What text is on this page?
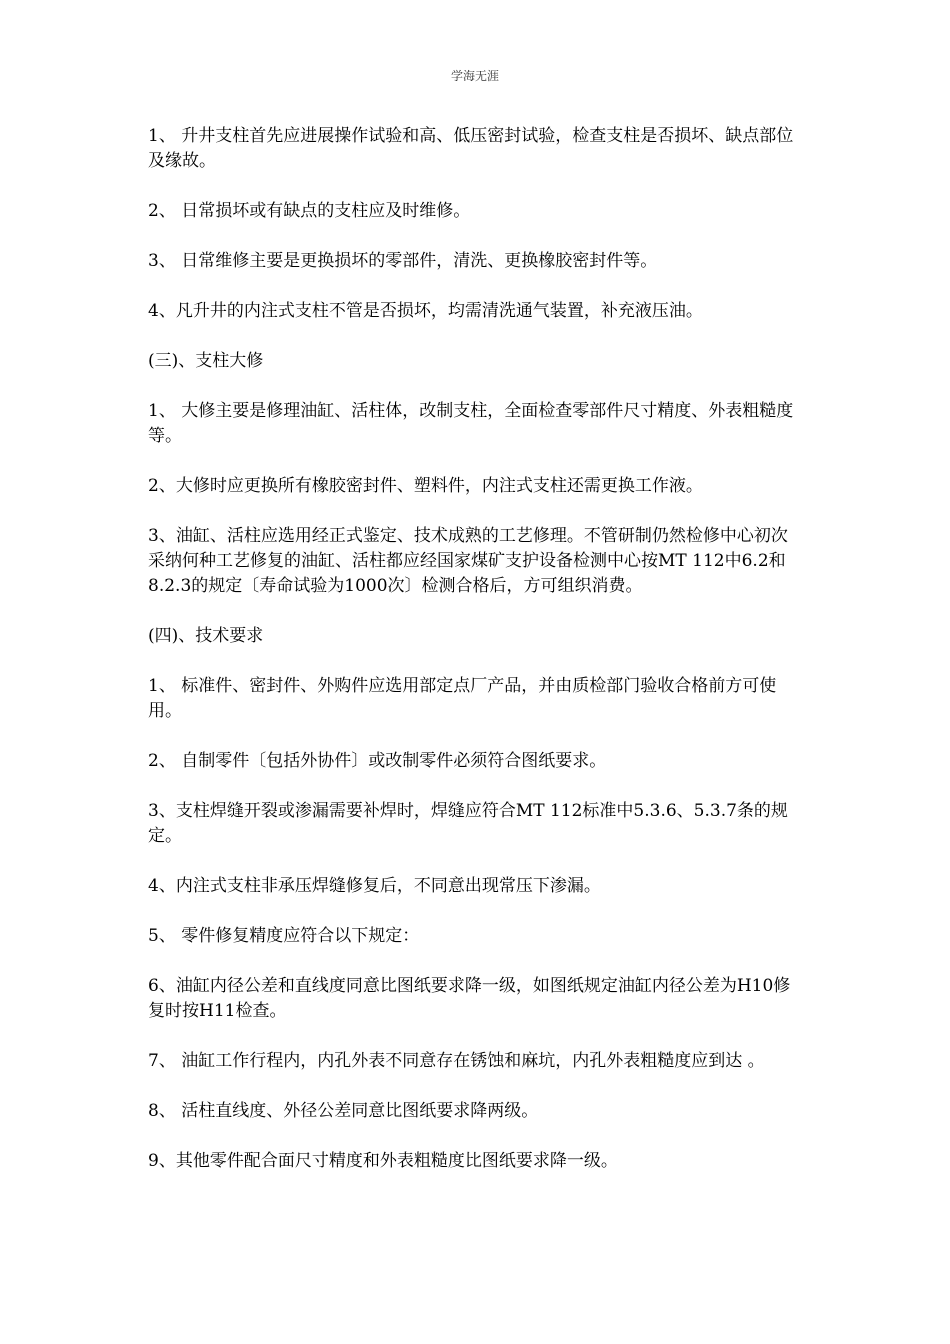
学海无涯

1、 升井支柱首先应进展操作试验和高、低压密封试验，检查支柱是否损坏、缺点部位及缘故。

2、 日常损坏或有缺点的支柱应及时维修。

3、 日常维修主要是更换损坏的零部件，清洗、更换橡胶密封件等。

4、凡升井的内注式支柱不管是否损坏，均需清洗通气装置，补充液压油。

(三)、支柱大修

1、 大修主要是修理油缸、活柱体，改制支柱，全面检查零部件尺寸精度、外表粗糙度等。

2、大修时应更换所有橡胶密封件、塑料件，内注式支柱还需更换工作液。

3、油缸、活柱应选用经正式鉴定、技术成熟的工艺修理。不管研制仍然检修中心初次采纳何种工艺修复的油缸、活柱都应经国家煤矿支护设备检测中心按MT 112中6.2和8.2.3的规定〔寿命试验为1000次〕检测合格后，方可组织消费。

(四)、技术要求

1、 标准件、密封件、外购件应选用部定点厂产品，并由质检部门验收合格前方可使用。

2、 自制零件〔包括外协件〕或改制零件必须符合图纸要求。

3、支柱焊缝开裂或渗漏需要补焊时，焊缝应符合MT 112标准中5.3.6、5.3.7条的规定。

4、内注式支柱非承压焊缝修复后，不同意出现常压下渗漏。

5、 零件修复精度应符合以下规定：

6、油缸内径公差和直线度同意比图纸要求降一级，如图纸规定油缸内径公差为H10修复时按H11检查。

7、 油缸工作行程内，内孔外表不同意存在锈蚀和麻坑，内孔外表粗糙度应到达 。

8、 活柱直线度、外径公差同意比图纸要求降两级。

9、其他零件配合面尺寸精度和外表粗糙度比图纸要求降一级。
